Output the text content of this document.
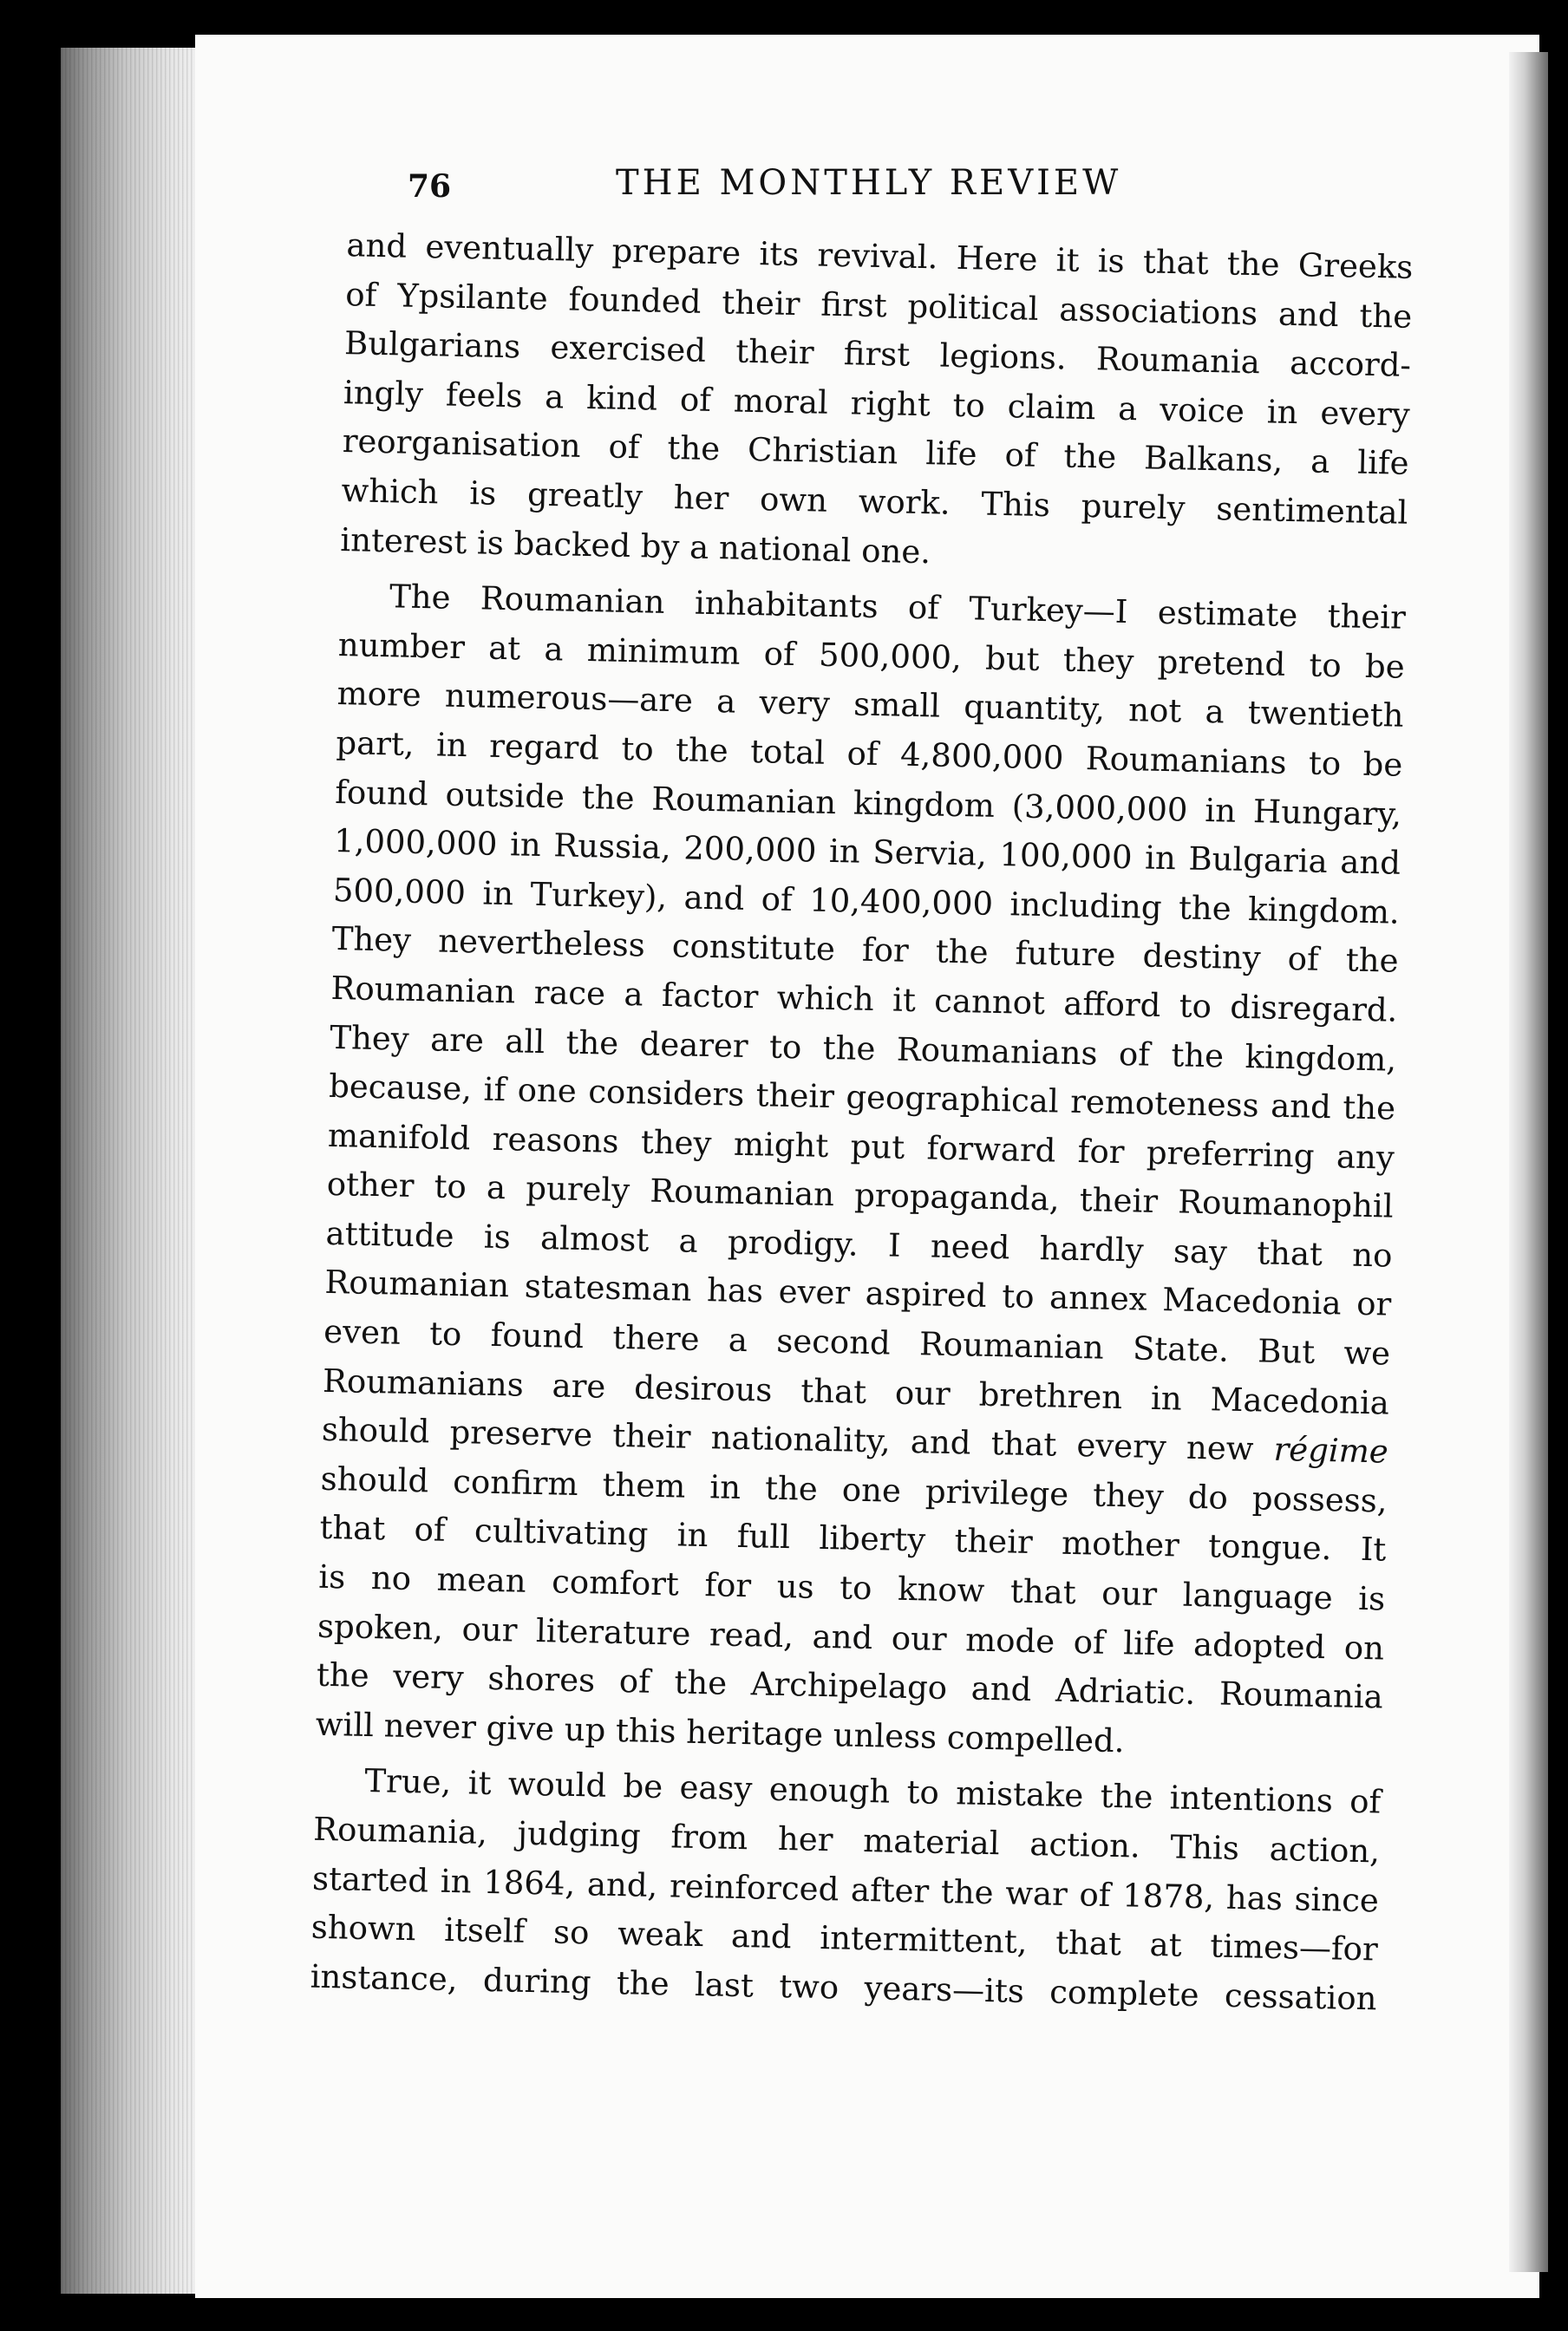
76	THE MONTHLY REVIEW
and eventually prepare its revival. Here it is that the Greeks
of Ypsilante founded their first political associations and the
Bulgarians exercised their first legions. Roumania accord-
ingly feels a kind of moral right to claim a voice in every
reorganisation of the Christian life of the Balkans, a life
which is greatly her own work. This purely sentimental
interest is backed by a national one.
The Roumanian inhabitants of Turkey—I estimate their
number at a minimum of 500,000, but they pretend to be
more numerous—are a very small quantity, not a twentieth
part, in regard to the total of 4,800,000 Roumanians to be
found outside the Roumanian kingdom (3,000,000 in Hungary,
1,000,000 in Russia, 200,000 in Servia, 100,000 in Bulgaria and
500,000 in Turkey), and of 10,400,000 including the kingdom.
They nevertheless constitute for the future destiny of the
Roumanian race a factor which it cannot afford to disregard.
They are all the dearer to the Roumanians of the kingdom,
because, if one considers their geographical remoteness and the
manifold reasons they might put forward for preferring any
other to a purely Roumanian propaganda, their Roumanophil
attitude is almost a prodigy. I need hardly say that no
Roumanian statesman has ever aspired to annex Macedonia or
even to found there a second Roumanian State. But we
Roumanians are desirous that our brethren in Macedonia
should preserve their nationality, and that every new régime
should confirm them in the one privilege they do possess,
that of cultivating in full liberty their mother tongue. It
is no mean comfort for us to know that our language is
spoken, our literature read, and our mode of life adopted on
the very shores of the Archipelago and Adriatic. Roumania
will never give up this heritage unless compelled.
True, it would be easy enough to mistake the intentions of
Roumania, judging from her material action. This action,
started in 1864, and, reinforced after the war of 1878, has since
shown itself so weak and intermittent, that at times—for
instance, during the last two years—its complete cessation
